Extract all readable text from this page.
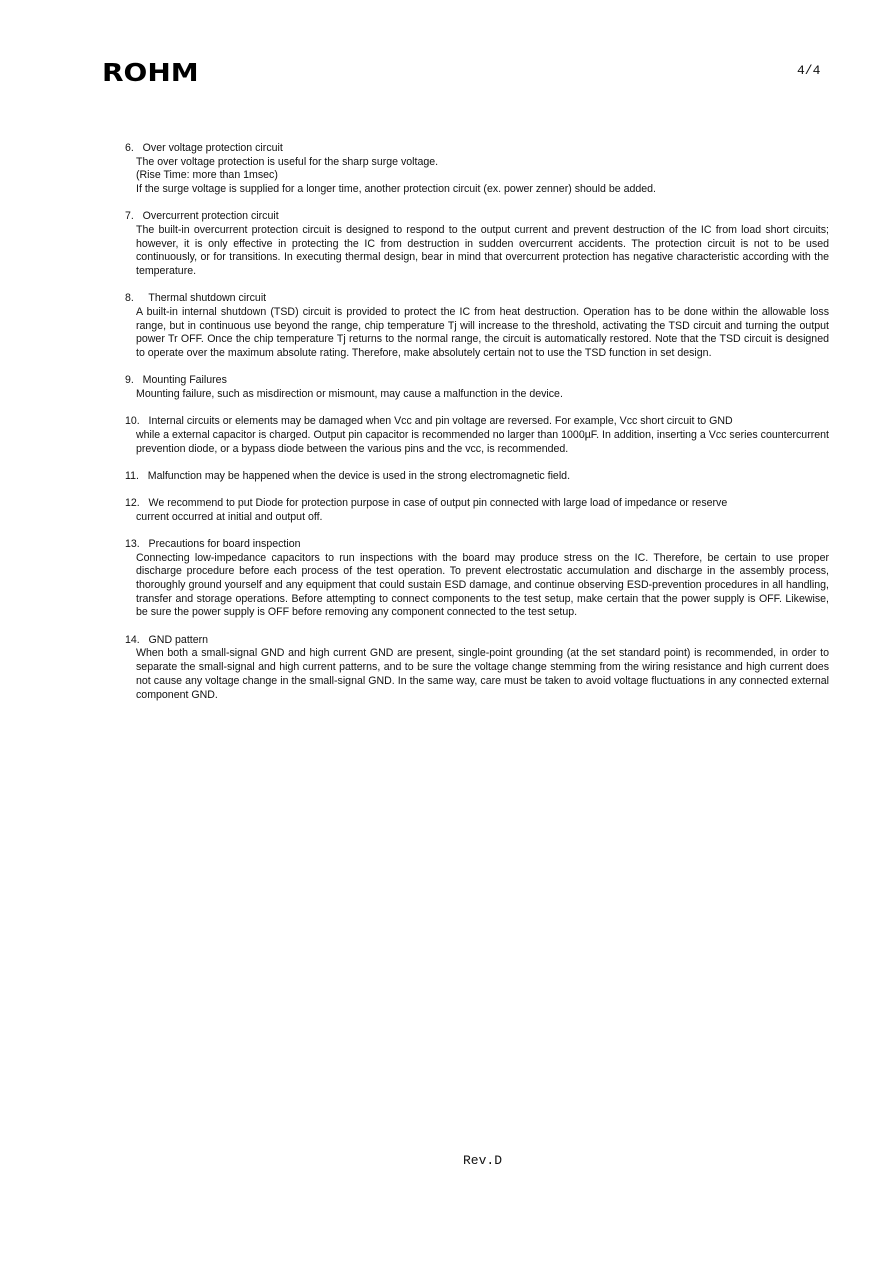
ROHM	4/4
6.   Over voltage protection circuit
The over voltage protection is useful for the sharp surge voltage.
(Rise Time: more than 1msec)
If the surge voltage is supplied for a longer time, another protection circuit (ex. power zenner) should be added.
7.   Overcurrent protection circuit
The built-in overcurrent protection circuit is designed to respond to the output current and prevent destruction of the IC from load short circuits; however, it is only effective in protecting the IC from destruction in sudden overcurrent accidents. The protection circuit is not to be used continuously, or for transitions. In executing thermal design, bear in mind that overcurrent protection has negative characteristic according with the temperature.
8.     Thermal shutdown circuit
A built-in internal shutdown (TSD) circuit is provided to protect the IC from heat destruction. Operation has to be done within the allowable loss range, but in continuous use beyond the range, chip temperature Tj will increase to the threshold, activating the TSD circuit and turning the output power Tr OFF. Once the chip temperature Tj returns to the normal range, the circuit is automatically restored. Note that the TSD circuit is designed to operate over the maximum absolute rating. Therefore, make absolutely certain not to use the TSD function in set design.
9.   Mounting Failures
Mounting failure, such as misdirection or mismount, may cause a malfunction in the device.
10.   Internal circuits or elements may be damaged when Vcc and pin voltage are reversed. For example, Vcc short circuit to GND
while a external capacitor is charged. Output pin capacitor is recommended no larger than 1000µF. In addition, inserting a Vcc series countercurrent prevention diode, or a bypass diode between the various pins and the vcc, is recommended.
11.   Malfunction may be happened when the device is used in the strong electromagnetic field.
12.   We recommend to put Diode for protection purpose in case of output pin connected with large load of impedance or reserve
current occurred at initial and output off.
13.   Precautions for board inspection
Connecting low-impedance capacitors to run inspections with the board may produce stress on the IC. Therefore, be certain to use proper discharge procedure before each process of the test operation. To prevent electrostatic accumulation and discharge in the assembly process, thoroughly ground yourself and any equipment that could sustain ESD damage, and continue observing ESD-prevention procedures in all handling, transfer and storage operations. Before attempting to connect components to the test setup, make certain that the power supply is OFF. Likewise, be sure the power supply is OFF before removing any component connected to the test setup.
14.   GND pattern
When both a small-signal GND and high current GND are present, single-point grounding (at the set standard point) is recommended, in order to separate the small-signal and high current patterns, and to be sure the voltage change stemming from the wiring resistance and high current does not cause any voltage change in the small-signal GND. In the same way, care must be taken to avoid voltage fluctuations in any connected external component GND.
Rev.D
